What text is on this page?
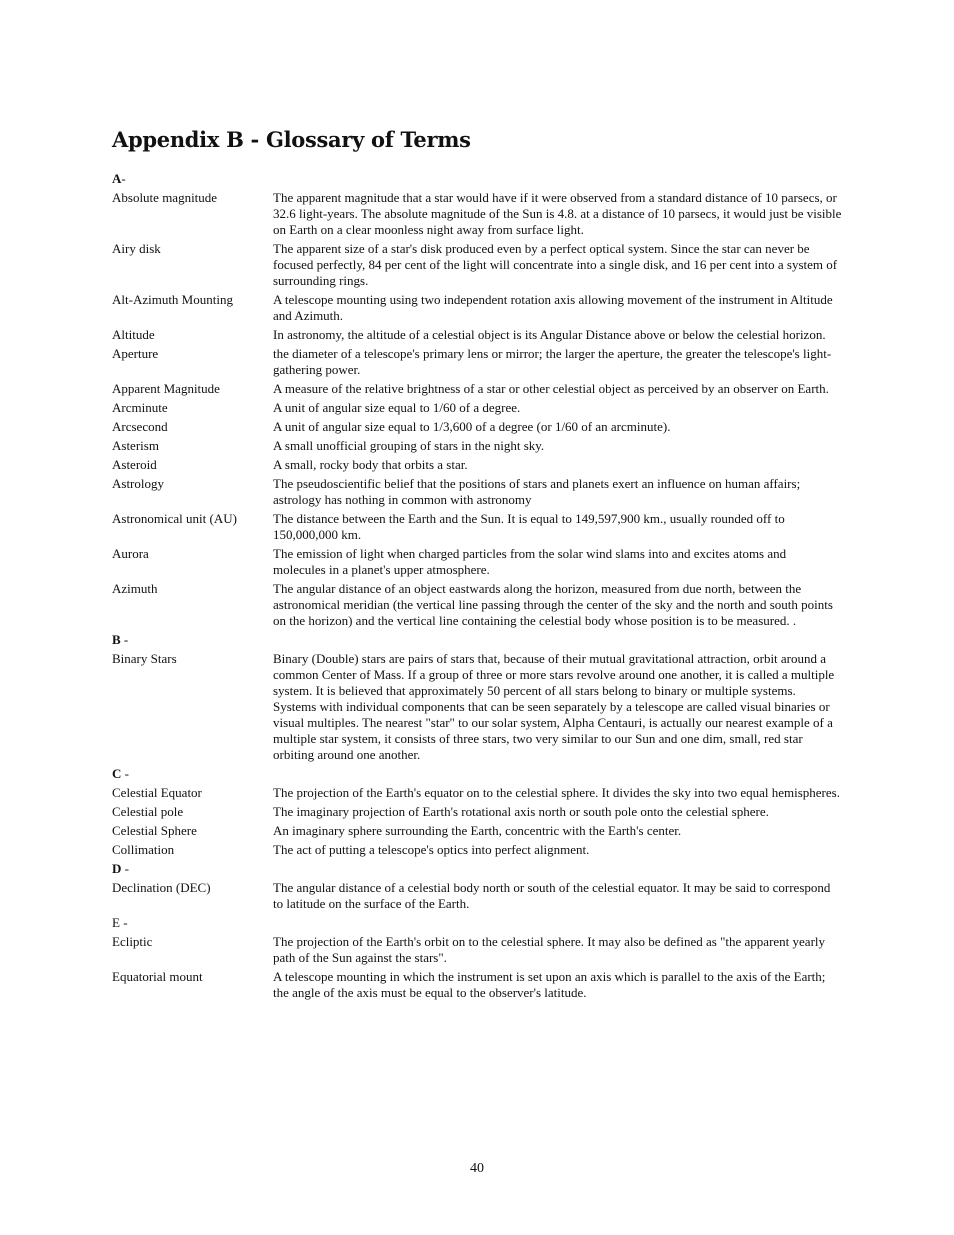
Appendix B - Glossary of Terms
A-
Absolute magnitude	The apparent magnitude that a star would have if it were observed from a standard distance of 10 parsecs, or 32.6 light-years. The absolute magnitude of the Sun is 4.8. at a distance of 10 parsecs, it would just be visible on Earth on a clear moonless night away from surface light.
Airy disk	The apparent size of a star's disk produced even by a perfect optical system. Since the star can never be focused perfectly, 84 per cent of the light will concentrate into a single disk, and 16 per cent into a system of surrounding rings.
Alt-Azimuth Mounting	A telescope mounting using two independent rotation axis allowing movement of the instrument in Altitude and Azimuth.
Altitude	In astronomy, the altitude of a celestial object is its Angular Distance above or below the celestial horizon.
Aperture	the diameter of a telescope's primary lens or mirror; the larger the aperture, the greater the telescope's light-gathering power.
Apparent Magnitude	A measure of the relative brightness of a star or other celestial object as perceived by an observer on Earth.
Arcminute	A unit of angular size equal to 1/60 of a degree.
Arcsecond	A unit of angular size equal to 1/3,600 of a degree (or 1/60 of an arcminute).
Asterism	A small unofficial grouping of stars in the night sky.
Asteroid	A small, rocky body that orbits a star.
Astrology	The pseudoscientific belief that the positions of stars and planets exert an influence on human affairs; astrology has nothing in common with astronomy
Astronomical unit (AU)	The distance between the Earth and the Sun. It is equal to 149,597,900 km., usually rounded off to 150,000,000 km.
Aurora	The emission of light when charged particles from the solar wind slams into and excites atoms and molecules in a planet's upper atmosphere.
Azimuth	The angular distance of an object eastwards along the horizon, measured from due north, between the astronomical meridian (the vertical line passing through the center of the sky and the north and south points on the horizon) and the vertical line containing the celestial body whose position is to be measured. .
B -
Binary Stars	Binary (Double) stars are pairs of stars that, because of their mutual gravitational attraction, orbit around a common Center of Mass. If a group of three or more stars revolve around one another, it is called a multiple system. It is believed that approximately 50 percent of all stars belong to binary or multiple systems. Systems with individual components that can be seen separately by a telescope are called visual binaries or visual multiples. The nearest "star" to our solar system, Alpha Centauri, is actually our nearest example of a multiple star system, it consists of three stars, two very similar to our Sun and one dim, small, red star orbiting around one another.
C -
Celestial Equator	The projection of the Earth's equator on to the celestial sphere. It divides the sky into two equal hemispheres.
Celestial pole	The imaginary projection of Earth's rotational axis north or south pole onto the celestial sphere.
Celestial Sphere	An imaginary sphere surrounding the Earth, concentric with the Earth's center.
Collimation	The act of putting a telescope's optics into perfect alignment.
D -
Declination (DEC)	The angular distance of a celestial body north or south of the celestial equator. It may be said to correspond to latitude on the surface of the Earth.
E -
Ecliptic	The projection of the Earth's orbit on to the celestial sphere. It may also be defined as "the apparent yearly path of the Sun against the stars".
Equatorial mount	A telescope mounting in which the instrument is set upon an axis which is parallel to the axis of the Earth; the angle of the axis must be equal to the observer's latitude.
40
